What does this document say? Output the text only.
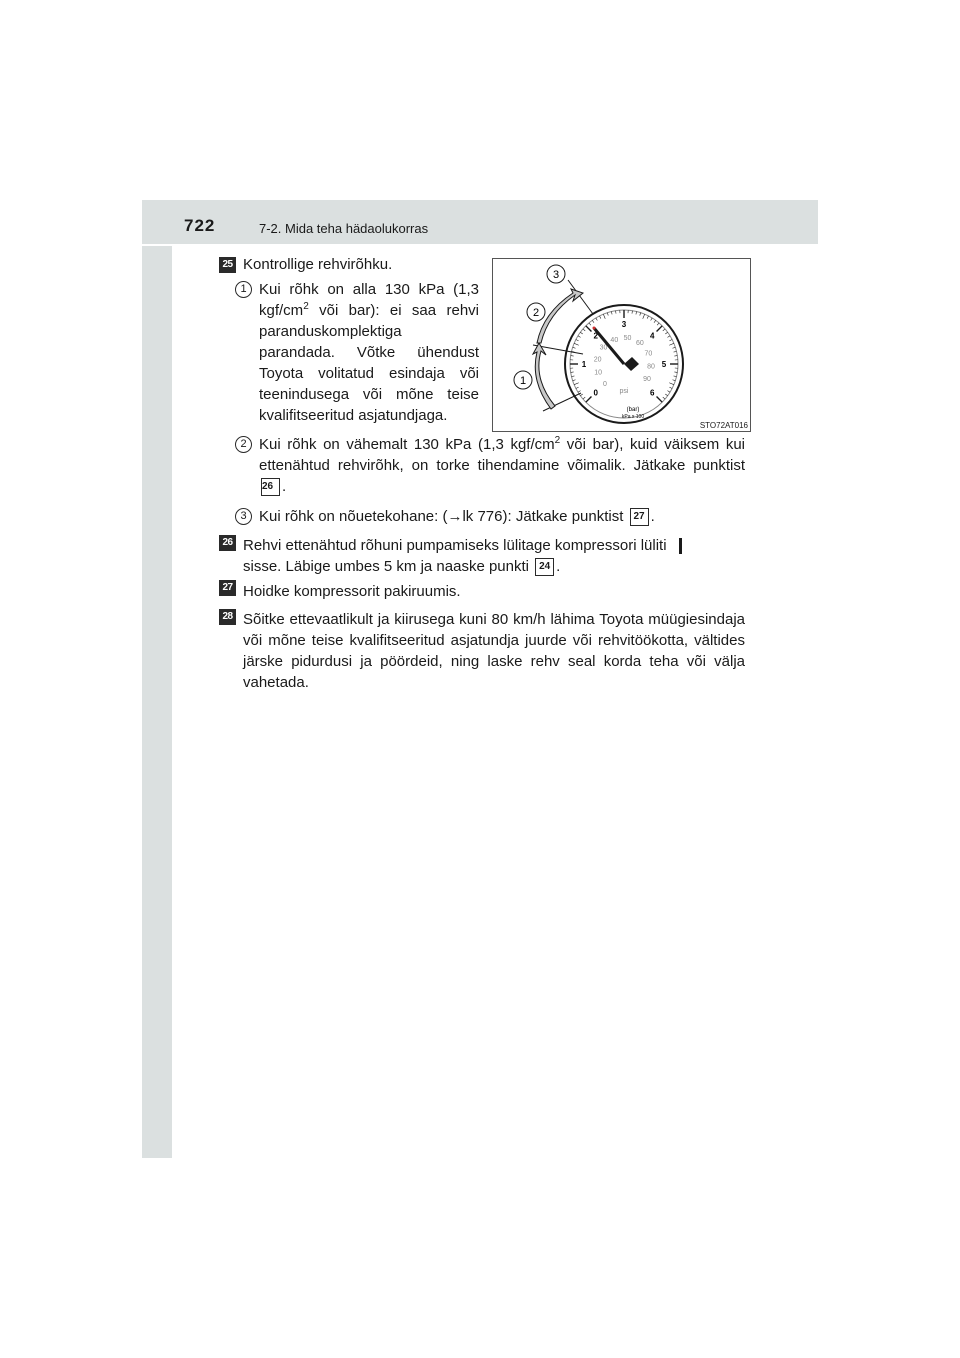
722	7-2. Mida teha hädaolukorras
25 Kontrollige rehvirõhku.
1 Kui rõhk on alla 130 kPa (1,3 kgf/$cm^2$ või bar): ei saa rehvi paranduskomplektiga parandada. Võtke ühendust Toyota volitatud esindaja või teenindusega või mõne teise kvalifitseeritud asjatundjaga.
0
1
2
3
4
5
6
0
10
20
30
40 50
60
70
80
90
psi
(bar)
kPa x 100
1
2
3
STO72AT016
2 Kui rõhk on vähemalt 130 kPa (1,3 kgf/$cm^2$ või bar), kuid väiksem kui ettenähtud rehvirõhk, on torke tihendamine võimalik. Jätkake punktist 26 .
3 Kui rõhk on nõuetekohane: (→lk 776): Jätkake punktist 27 .
26 Rehvi ettenähtud rõhuni pumpamiseks lülitage kompressori lüliti
sisse. Läbige umbes 5 km ja naaske punkti 24 .
27 Hoidke kompressorit pakiruumis.
28 Sõitke ettevaatlikult ja kiirusega kuni 80 km/h lähima Toyota müügiesindaja või mõne teise kvalifitseeritud asjatundja juurde või rehvitöökotta, vältides järske pidurdusi ja pöördeid, ning laske rehv seal korda teha või välja vahetada.
